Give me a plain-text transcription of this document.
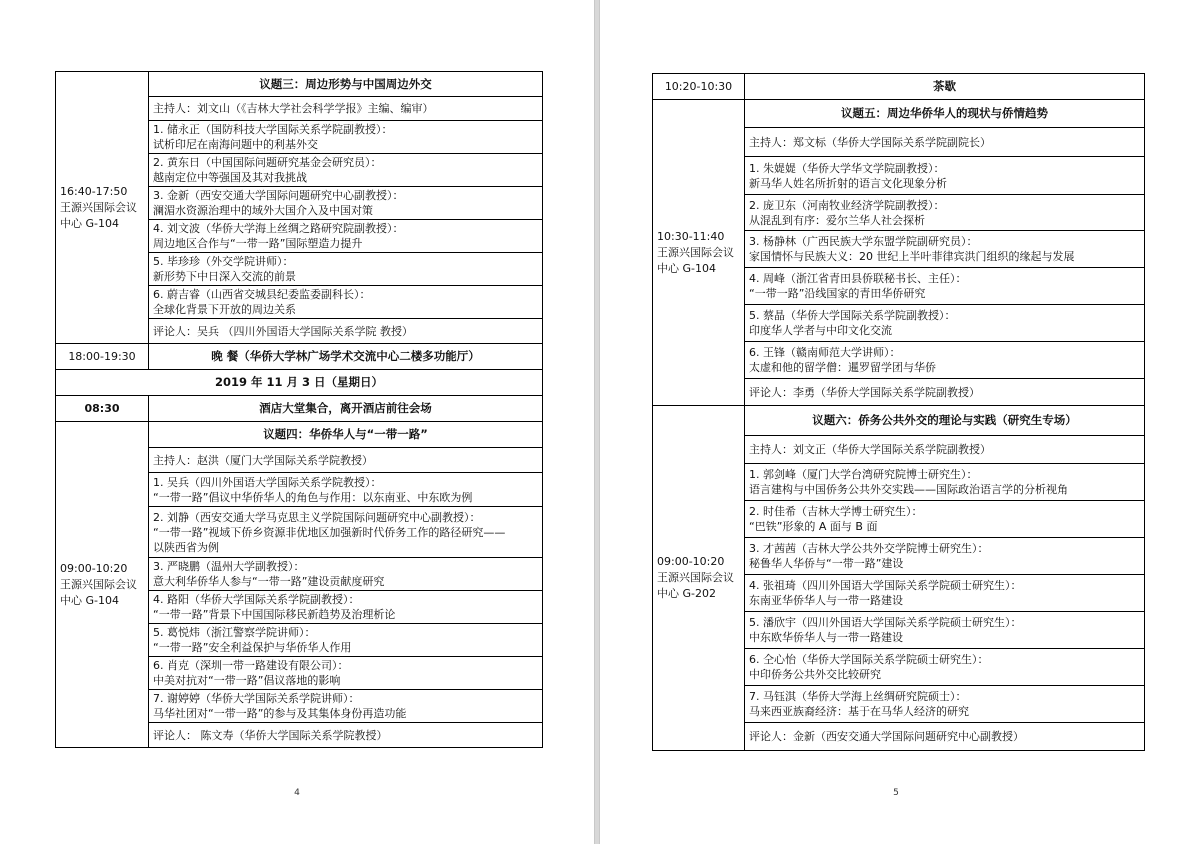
16:40-17:50
王源兴国际会议中心 G-104	议题三：周边形势与中国周边外交
	主持人：刘文山（《吉林大学社会科学学报》主编、编审）

	1. 储永正（国防科技大学国际关系学院副教授）：
试析印尼在南海问题中的利基外交

	2. 黄东日（中国国际问题研究基金会研究员）：
越南定位中等强国及其对我挑战

	3. 金新（西安交通大学国际问题研究中心副教授）：
澜湄水资源治理中的域外大国介入及中国对策

	4. 刘文波（华侨大学海上丝绸之路研究院副教授）：
周边地区合作与“一带一路”国际塑造力提升

	5. 毕珍珍（外交学院讲师）：
新形势下中日深入交流的前景

	6. 蔚吉睿（山西省交城县纪委监委副科长）：
全球化背景下开放的周边关系

	评论人：吴兵 （四川外国语大学国际关系学院 教授）
18:00-19:30	晚 餐（华侨大学林广场学术交流中心二楼多功能厅）
2019 年 11 月 3 日（星期日）	
08:30	酒店大堂集合，离开酒店前往会场
09:00-10:20
王源兴国际会议中心 G-104	议题四：华侨华人与“一带一路”
	主持人：赵洪（厦门大学国际关系学院教授）

	1. 吴兵（四川外国语大学国际关系学院教授）：
“一带一路”倡议中华侨华人的角色与作用：以东南亚、中东欧为例

	2. 刘静（西安交通大学马克思主义学院国际问题研究中心副教授）：
“一带一路”视域下侨乡资源非优地区加强新时代侨务工作的路径研究——
以陕西省为例

	3. 严晓鹏（温州大学副教授）：
意大利华侨华人参与“一带一路”建设贡献度研究

	4. 路阳（华侨大学国际关系学院副教授）：
“一带一路”背景下中国国际移民新趋势及治理析论

	5. 葛悦炜（浙江警察学院讲师）：
“一带一路”安全利益保护与华侨华人作用

	6. 肖克（深圳一带一路建设有限公司）：
中美对抗对“一带一路”倡议落地的影响

	7. 谢婷婷（华侨大学国际关系学院讲师）：
马华社团对“一带一路”的参与及其集体身份再造功能

	评论人： 陈文寿（华侨大学国际关系学院教授）
4
10:20-10:30	茶歇
10:30-11:40
王源兴国际会议中心 G-104	议题五：周边华侨华人的现状与侨情趋势
	主持人：郑文标（华侨大学国际关系学院副院长）

	1. 朱媞媞（华侨大学华文学院副教授）：
新马华人姓名所折射的语言文化现象分析

	2. 庞卫东（河南牧业经济学院副教授）：
从混乱到有序：爱尔兰华人社会探析

	3. 杨静林（广西民族大学东盟学院副研究员）：
家国情怀与民族大义：20 世纪上半叶菲律宾洪门组织的缘起与发展

	4. 周峰（浙江省青田县侨联秘书长、主任）：
“一带一路”沿线国家的青田华侨研究

	5. 蔡晶（华侨大学国际关系学院副教授）：
印度华人学者与中印文化交流

	6. 王锋（赣南师范大学讲师）：
太虚和他的留学僧：暹罗留学团与华侨

	评论人：李勇（华侨大学国际关系学院副教授）
09:00-10:20
王源兴国际会议中心 G-202	议题六：侨务公共外交的理论与实践（研究生专场）
	主持人：刘文正（华侨大学国际关系学院副教授）

	1. 郭剑峰（厦门大学台湾研究院博士研究生）：
语言建构与中国侨务公共外交实践——国际政治语言学的分析视角

	2. 时佳希（吉林大学博士研究生）：
“巴铁”形象的 A 面与 B 面

	3. 才茜茜（吉林大学公共外交学院博士研究生）：
秘鲁华人华侨与“一带一路”建设

	4. 张祖琦（四川外国语大学国际关系学院硕士研究生）：
东南亚华侨华人与一带一路建设

	5. 潘欣宇（四川外国语大学国际关系学院硕士研究生）：
中东欧华侨华人与一带一路建设

	6. 仝心怡（华侨大学国际关系学院硕士研究生）：
中印侨务公共外交比较研究

	7. 马钰淇（华侨大学海上丝绸研究院硕士）：
马来西亚族裔经济：基于在马华人经济的研究

	评论人：金新（西安交通大学国际问题研究中心副教授）
5
